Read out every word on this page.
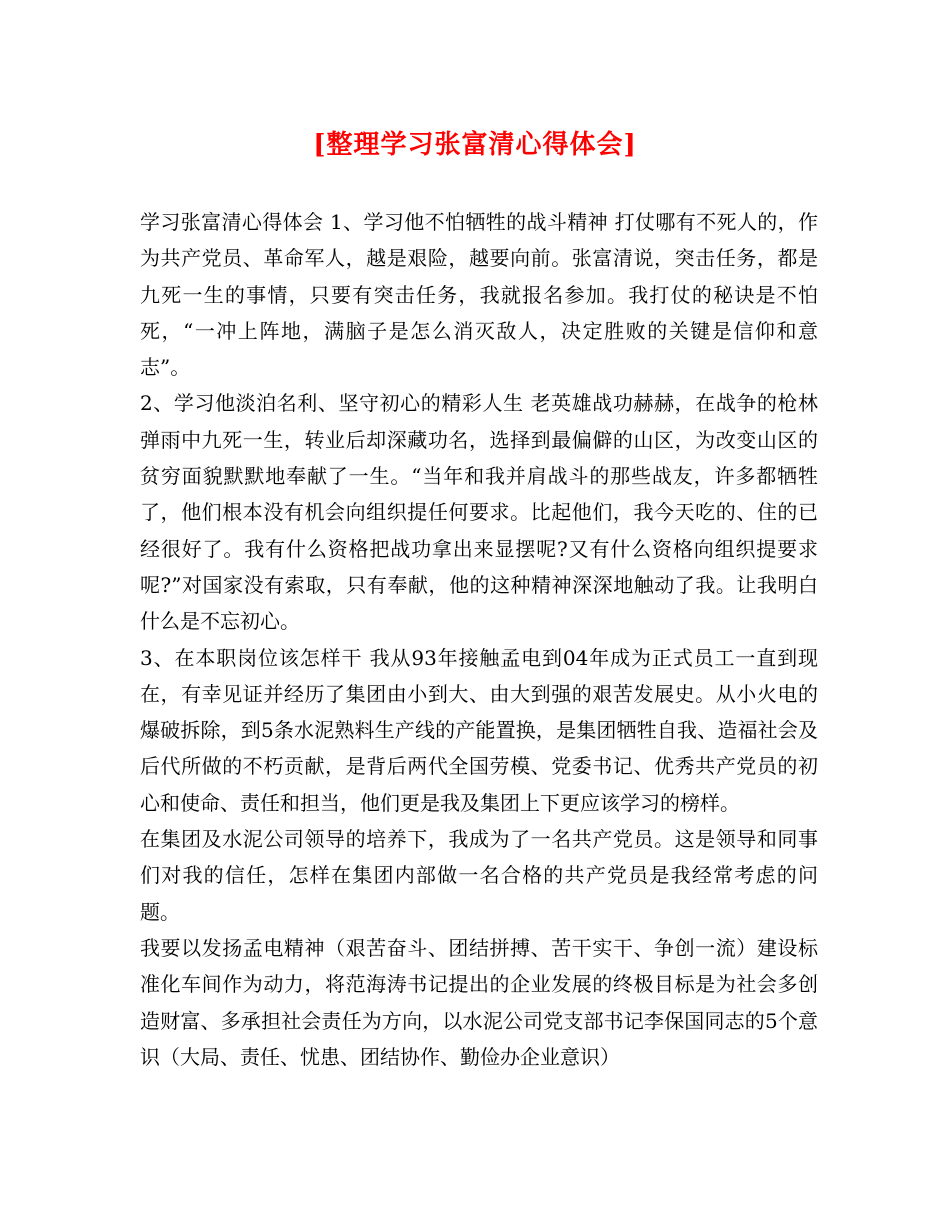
[整理学习张富清心得体会]

学习张富清心得体会 1、学习他不怕牺牲的战斗精神 打仗哪有不死人的，作为共产党员、革命军人，越是艰险，越要向前。张富清说，突击任务，都是九死一生的事情，只要有突击任务，我就报名参加。我打仗的秘诀是不怕死，“一冲上阵地，满脑子是怎么消灭敌人，决定胜败的关键是信仰和意志”。

2、学习他淡泊名利、坚守初心的精彩人生 老英雄战功赫赫，在战争的枪林弹雨中九死一生，转业后却深藏功名，选择到最偏僻的山区，为改变山区的贫穷面貌默默地奉献了一生。“当年和我并肩战斗的那些战友，许多都牺牲了，他们根本没有机会向组织提任何要求。比起他们，我今天吃的、住的已经很好了。我有什么资格把战功拿出来显摆呢?又有什么资格向组织提要求呢?”对国家没有索取，只有奉献，他的这种精神深深地触动了我。让我明白什么是不忘初心。

3、在本职岗位该怎样干 我从93年接触孟电到04年成为正式员工一直到现在，有幸见证并经历了集团由小到大、由大到强的艰苦发展史。从小火电的爆破拆除，到5条水泥熟料生产线的产能置换，是集团牺牲自我、造福社会及后代所做的不朽贡献，是背后两代全国劳模、党委书记、优秀共产党员的初心和使命、责任和担当，他们更是我及集团上下更应该学习的榜样。

在集团及水泥公司领导的培养下，我成为了一名共产党员。这是领导和同事们对我的信任，怎样在集团内部做一名合格的共产党员是我经常考虑的问题。

我要以发扬孟电精神（艰苦奋斗、团结拼搏、苦干实干、争创一流）建设标准化车间作为动力，将范海涛书记提出的企业发展的终极目标是为社会多创造财富、多承担社会责任为方向，以水泥公司党支部书记李保国同志的5个意识（大局、责任、忧患、团结协作、勤俭办企业意识）
